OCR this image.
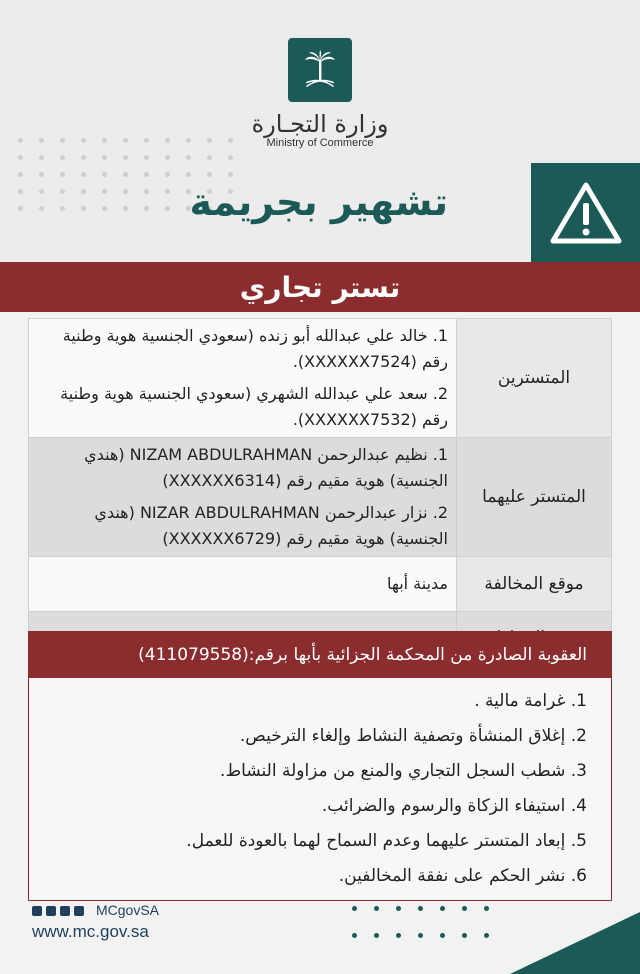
وزارة التجـارة
Ministry of Commerce
تشهير بجريمة
تستر تجاري
المتسترين	1. خالد علي عبدالله أبو زنده (سعودي الجنسية هوية وطنية رقم (XXXXXX7524).
2. سعد علي عبدالله الشهري (سعودي الجنسية هوية وطنية رقم (XXXXXX7532).

المتستر عليهما	1. نظيم عبدالرحمن NIZAM ABDULRAHMAN (هندي الجنسية) هوية مقيم رقم (XXXXXX6314)
2. نزار عبدالرحمن NIZAR ABDULRAHMAN (هندي الجنسية) هوية مقيم رقم (XXXXXX6729)

موقع المخالفة	مدينة أبها

العقوبة الصادرة من المحكمة الجزائية بأبها برقم:(411079558)
1. غرامة مالية .
2. إغلاق المنشأة وتصفية النشاط وإلغاء الترخيص.
3. شطب السجل التجاري والمنع من مزاولة النشاط.
4. استيفاء الزكاة والرسوم والضرائب.
5. إبعاد المتستر عليهما وعدم السماح لهما بالعودة للعمل.
6. نشر الحكم على نفقة المخالفين.
MCgovSA
www.mc.gov.sa
